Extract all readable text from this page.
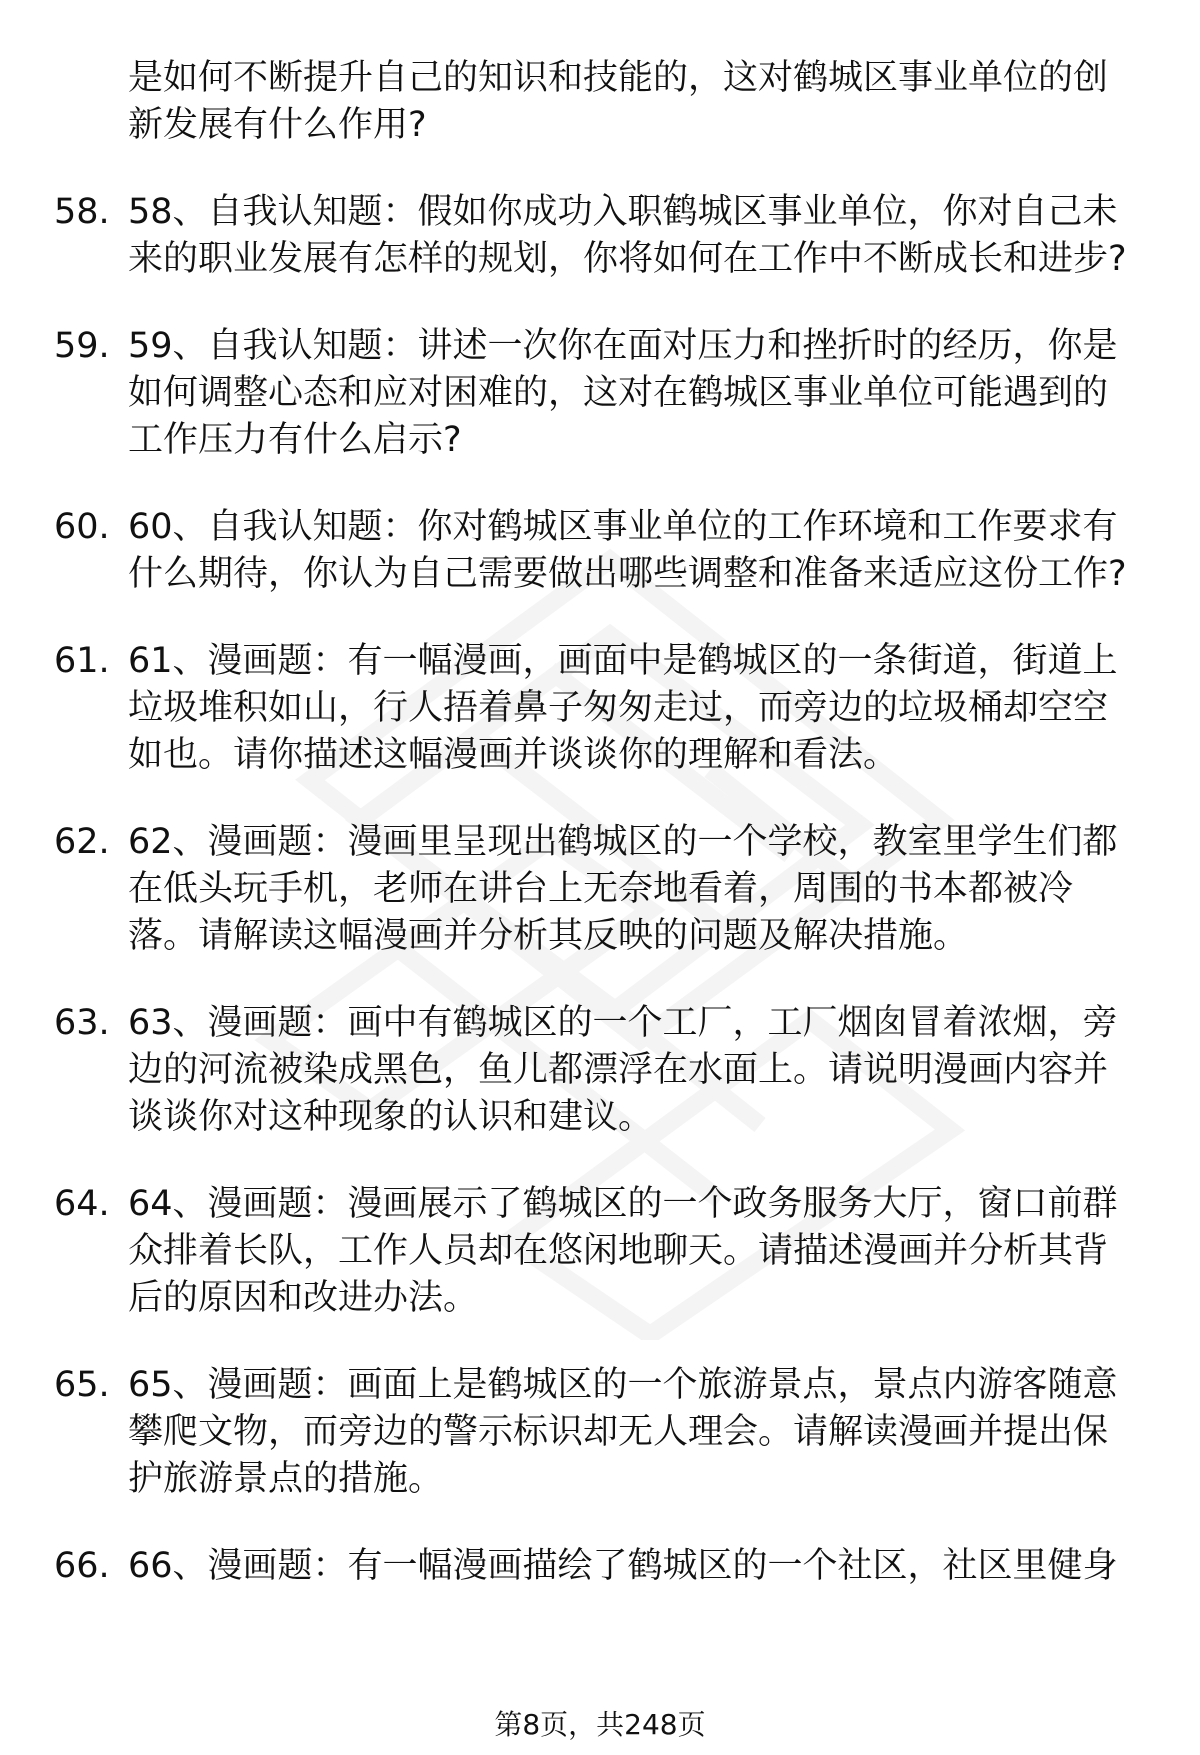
是如何不断提升自己的知识和技能的，这对鹤城区事业单位的创新发展有什么作用?
58. 58、自我认知题：假如你成功入职鹤城区事业单位，你对自己未来的职业发展有怎样的规划，你将如何在工作中不断成长和进步?
59. 59、自我认知题：讲述一次你在面对压力和挫折时的经历，你是如何调整心态和应对困难的，这对在鹤城区事业单位可能遇到的工作压力有什么启示?
60. 60、自我认知题：你对鹤城区事业单位的工作环境和工作要求有什么期待，你认为自己需要做出哪些调整和准备来适应这份工作?
61. 61、漫画题：有一幅漫画，画面中是鹤城区的一条街道，街道上垃圾堆积如山，行人捂着鼻子匆匆走过，而旁边的垃圾桶却空空如也。请你描述这幅漫画并谈谈你的理解和看法。
62. 62、漫画题：漫画里呈现出鹤城区的一个学校，教室里学生们都在低头玩手机，老师在讲台上无奈地看着，周围的书本都被冷落。请解读这幅漫画并分析其反映的问题及解决措施。
63. 63、漫画题：画中有鹤城区的一个工厂，工厂烟囱冒着浓烟，旁边的河流被染成黑色，鱼儿都漂浮在水面上。请说明漫画内容并谈谈你对这种现象的认识和建议。
64. 64、漫画题：漫画展示了鹤城区的一个政务服务大厅，窗口前群众排着长队，工作人员却在悠闲地聊天。请描述漫画并分析其背后的原因和改进办法。
65. 65、漫画题：画面上是鹤城区的一个旅游景点，景点内游客随意攀爬文物，而旁边的警示标识却无人理会。请解读漫画并提出保护旅游景点的措施。
66. 66、漫画题：有一幅漫画描绘了鹤城区的一个社区，社区里健身
第8页，共248页
